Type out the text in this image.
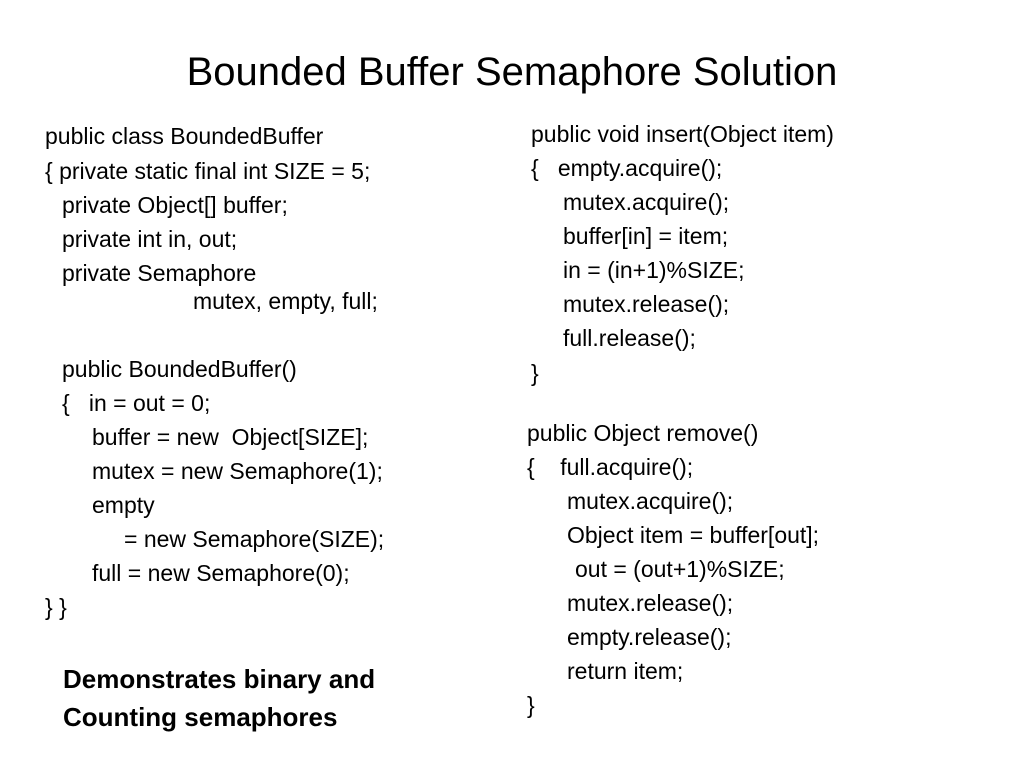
Bounded Buffer Semaphore Solution
public class BoundedBuffer
{ private static final int SIZE = 5;
private Object[] buffer;
private int in, out;
private Semaphore
mutex, empty, full;
public BoundedBuffer()
{   in = out = 0;
buffer = new  Object[SIZE];
mutex = new Semaphore(1);
empty
= new Semaphore(SIZE);
full = new Semaphore(0);
} }
public void insert(Object item)
{   empty.acquire();
mutex.acquire();
buffer[in] = item;
in = (in+1)%SIZE;
mutex.release();
full.release();
}
public Object remove()
{    full.acquire();
mutex.acquire();
Object item = buffer[out];
out = (out+1)%SIZE;
mutex.release();
empty.release();
return item;
}
Demonstrates binary and
Counting semaphores
